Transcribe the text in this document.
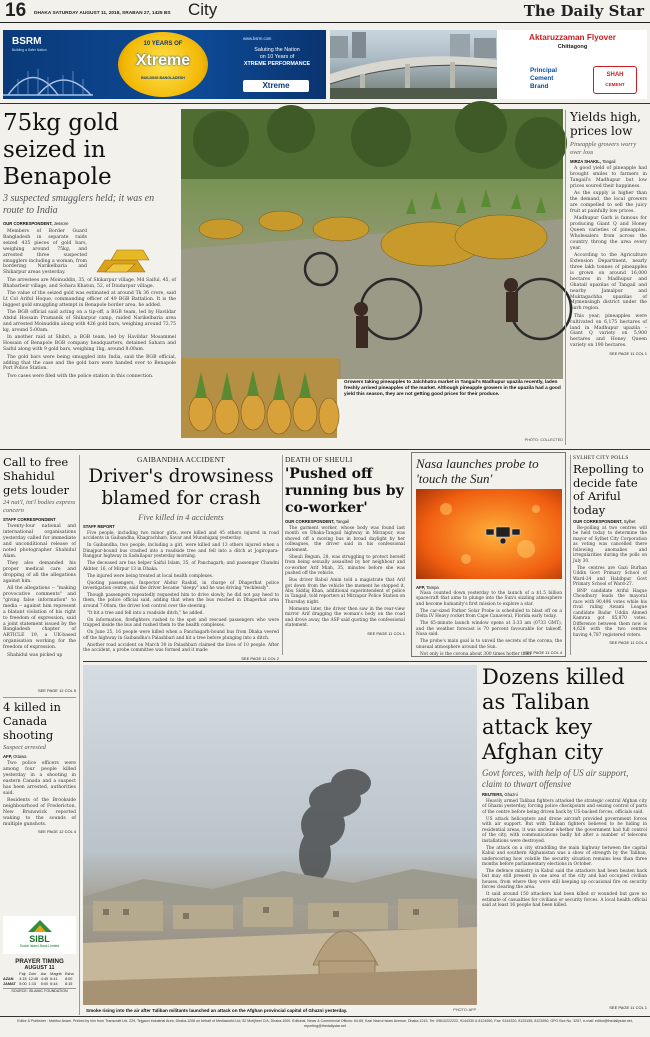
16 DHAKA SATURDAY AUGUST 11, 2018, SRABAN 27, 1425 BS City	The Daily Star
BSRM
Building a Safer Nation
10 YEARS OF
Xtreme
BUILDING BANGLADESH
www.bsrm.com
Saluting the Nation
on 10 Years of
XTREME PERFORMANCE
Xtreme
Aktaruzzaman Flyover
Chittagong
Principal
Cement
Brand
SHAH
CEMENT
75kg gold seized in Benapole
3 suspected smugglers held; it was en route to India
OUR CORRESPONDENT, Jessore

Members of Border Guard Bangladesh in separate raids seized 435 pieces of gold bars, weighing around 75kg, and arrested three suspected smugglers including a woman, from bordering Narikelbaria and Shikarpur areas yesterday.

The arrestees are Moinuddin, 35, of Shikarpur village, Md Saiful, 45, of Bhabarbeir village, and Sohara Khatun, 52, of Diudarpur village.

The value of the seized gold was estimated at around Tk 36 crore, said Lt Col Ariful Hoque, commanding officer of 49 BGB Battalion. It is the biggest gold smuggling attempt in Benapole border area, he added.

The BGB official said acting on a tip-off, a BGB team, led by Havildar Abdul Hossain Pramanik of Shikarpur camp, raided Narikelbaria area and arrested Moinuddin along with 426 gold bars, weighing around 72.75 kg, around 5:00am.

In another raid at Shibri, a BGB team, led by Havildar Mosammel Hossain of Benapole BGB company headquarters, detained Sahara and Saiful along with 9 gold bars, weighing 1kg, around 8:00am.

The gold bars were being smuggled into India, said the BGB official, adding that the case and the gold bars were handed over to Benapole Port Police Station.

Two cases were filed with the police station in this connection.

Growers taking pineapples to Jalchhatra market in Tangail's Madhupur upazila recently, laden freshly arrived pineapples of the market. Although pineapple growers in the upazila had a good yield this season, they are not getting good prices for their produce.
PHOTO: COLLECTED
Yields high, prices low
Pineapple growers worry over loss
MIRZA SHAKIL, Tangail

A good yield of pineapple had brought smiles to farmers in Tangail's Madhupur but low prices soured their happiness.

As the supply is higher than the demand, the local growers are compelled to sell the juicy fruit at painfully low prices.

Madhupur Garh is famous for producing Giant Q and Honey Queen varieties of pineapples. Wholesalers from across the country throng the area every year.

According to the Agriculture Extension Department, nearly three lakh tonnes of pineapples is grown on around 16,000 hectares in Madhupur and Ghatail upazilas of Tangail and nearby Jamalpur and Muktagachha upazilas of Mymensingh district under the Garh region.

This year, pineapples were cultivated on 6,175 hectares of land in Madhupur upazila – Giant Q variety on 5,900 hectares and Honey Queen variety on 190 hectares.

SEE PAGE 11 COL 1
Call to free Shahidul gets louder
24 nat'l, int'l bodies express concern
STAFF CORRESPONDENT

Twenty-four national and international organisations yesterday called for immediate and unconditional release of noted photographer Shahidul Alam.

They also demanded his proper medical care and dropping of all the allegations against him.

All the allegations -- "making provocative comments" and "giving false information" to media -- against him represent a blatant violation of his right to freedom of expression, said a joint statement issued by the Bangladesh chapter of ARTICLE 19, a UK-based organisation working for the freedom of expression.

Shahidul was picked up

SEE PAGE 12 COL 5
GAIBANDHA ACCIDENT
Driver's drowsiness blamed for crash
Five killed in 4 accidents
STAFF REPORT

Five people, including two minor girls, were killed and 45 others injured in road accidents in Gaibandha, Khagrachhari, Savar and Munshiganj yesterday.

In Gaibandha, two people, including a girl, were killed and 13 others injured when a Dinajpur-bound bus crashed into a roadside tree and fell into a ditch at Jogiropara-Rangpur highway in Sadullapur yesterday morning.

The deceased are bus helper Saiful Islam, 35, of Panchagarh; and passenger Chandni Akhter, 16, of Mirpur 13 in Dhaka.

The injured were being treated at local health complexes.

Quoting passengers, Inspector Abdur Rashid, in charge of Dhaperhat police investigation centre, said the driver became "sleepy" and he was driving "recklessly".

Though passengers repeatedly requested him to drive slowly, he did not pay heed to them, the police official said, adding that when the bus reached in Dhaperhat area around 7:00am, the driver lost control over the steering.

"It hit a tree and fell into a roadside ditch," he added.

On information, firefighters rushed to the spot and rescued passengers who were trapped inside the bus and rushed them to the health complexes.

On June 25, 16 people were killed when a Panchagarh-bound bus from Dhaka veered off the highway in Gaibandha's Palashbari and hit a tree before plunging into a ditch.

Another road accident on March 30 in Palashbari claimed the lives of 10 people. After the accident, a probe committee was formed and it made

SEE PAGE 11 COL 2
DEATH OF SHEULI
'Pushed off running bus by co-worker'
OUR CORRESPONDENT, Tangail

The garment worker, whose body was found last month on Dhaka-Tangail highway in Mirzapur, was shoved off a moving bus in broad daylight by her colleagues, the driver said in his confessional statement.

Sheuli Begum, 28, was struggling to protect herself from being sexually assaulted by her neighbour and co-worker Arif Miah, 35, minutes before she was pushed off the vehicle.

Bus driver Babul Amin told a magistrate that Arif got down from the vehicle the moment he stopped it, Abu Siddiq Khan, additional superintendent of police in Tangail, told reporters at Mirzapur Police Station on Thursday night.

Moments later, the driver then saw in the rear-view mirror Arif dragging the woman's body on the road and drove away, the ASP said quoting the confessional statement.

SEE PAGE 11 COL 1
Nasa launches probe to 'touch the Sun'
AFP, Tampa

Nasa counted down yesterday to the launch of a $1.5 billion spacecraft that aims to plunge into the Sun's sizzling atmosphere and become humanity's first mission to explore a star.

The car-sized Parker Solar Probe is scheduled to blast off on a Delta IV Heavy rocket from Cape Canaveral, Florida early today.

The 65-minute launch window opens at 3:33 am (0733 GMT), and the weather forecast is 70 percent favourable for takeoff, Nasa said.

The probe's main goal is to unveil the secrets of the corona, the unusual atmosphere around the Sun.

Not only is the corona about 300 times hotter than

SEE PAGE 11 COL 4
SYLHET CITY POLLS
Repolling to decide fate of Ariful today
OUR CORRESPONDENT, Sylhet

Re-polling at two centres will be held today to determine the mayor of Sylhet City Corporation as voting was cancelled there following anomalies and irregularities during the polls on July 30.

The centres are Gazi Burhan Uddin Govt Primary School of Ward-24 and Habibpur Govt Primary School of Ward-27.

BNP candidate Ariful Haque Choudhury leads the mayoral race with 90,496 votes while his rival ruling Awami League candidate Badar Uddin Ahmed Kamran got 85,870 votes. Difference between them now is 4,626 with the two centres having 4,787 registered voters.

SEE PAGE 11 COL 4
4 killed in Canada shooting
Suspect arrested
AFP, Ottawa

Two police officers were among four people killed yesterday in a shooting in eastern Canada and a suspect has been arrested, authorities said.

Residents of the Brookside neighbourhood of Fredericton, New Brunswick reported waking to the sounds of multiple gunshots.

SEE PAGE 12 COL 4
SIBL
Social Islami Bank Limited
PRAYER TIMING
AUGUST 11
	Fajr	Zohr	Asr	Magrib	Esha
AZAN	4:15	12:45	4:45	6:41	8:00
JAMAT	5:00	1:15	5:00	6:44	8:15
SOURCE: ISLAMIC FOUNDATION
Smoke rising into the air after Taliban militants launched an attack on the Afghan provincial capital of Ghazni yesterday.	PHOTO: AFP
Dozens killed as Taliban attack key Afghan city
Govt forces, with help of US air support, claim to thwart offensive
REUTERS, Ghazni

Heavily armed Taliban fighters attacked the strategic central Afghan city of Ghazni yesterday, forcing police checkpoints and seizing control of parts of the centre before being driven back by US-backed forces, officials said.

US attack helicopters and drone aircraft provided government forces with air support. But with Taliban fighters believed to be hiding in residential areas, it was unclear whether the government had full control of the city, with communications badly hit after a number of telecoms installations were destroyed.

The attack on a city straddling the main highway between the capital Kabul and southern Afghanistan was a show of strength by the Taliban, underscoring how volatile the security situation remains less than three months before parliamentary elections in October.

The defence ministry in Kabul said the attackers had been beaten back but may still present in one area of the city and had occupied civilian houses, from where they were still keeping up occasional fire on security forces clearing the area.

It said around 150 attackers had been killed or wounded but gave no estimate of casualties for civilians or security forces. A local health official said at least 16 people had been killed.

SEE PAGE 11 COL 1
Editor & Publisher : Mahfuz Anam. Printed by him from Transcraft Ltd. 229, Tejgaon Industrial Area, Dhaka-1208 on behalf of Mediaworld Ltd, 52 Motijheel C/A, Dhaka-1000. Editorial, News & Commercial Offices: 64-65, Kazi Nazrul Islam Avenue, Dhaka-1215. Tel: 09610222222, 9144330 & 8124950, Fax: 9144320, 8125155, 8123950; GPO Box No. 3257, e-mail: editor@thedailystar.net, reporting@thedailystar.net
